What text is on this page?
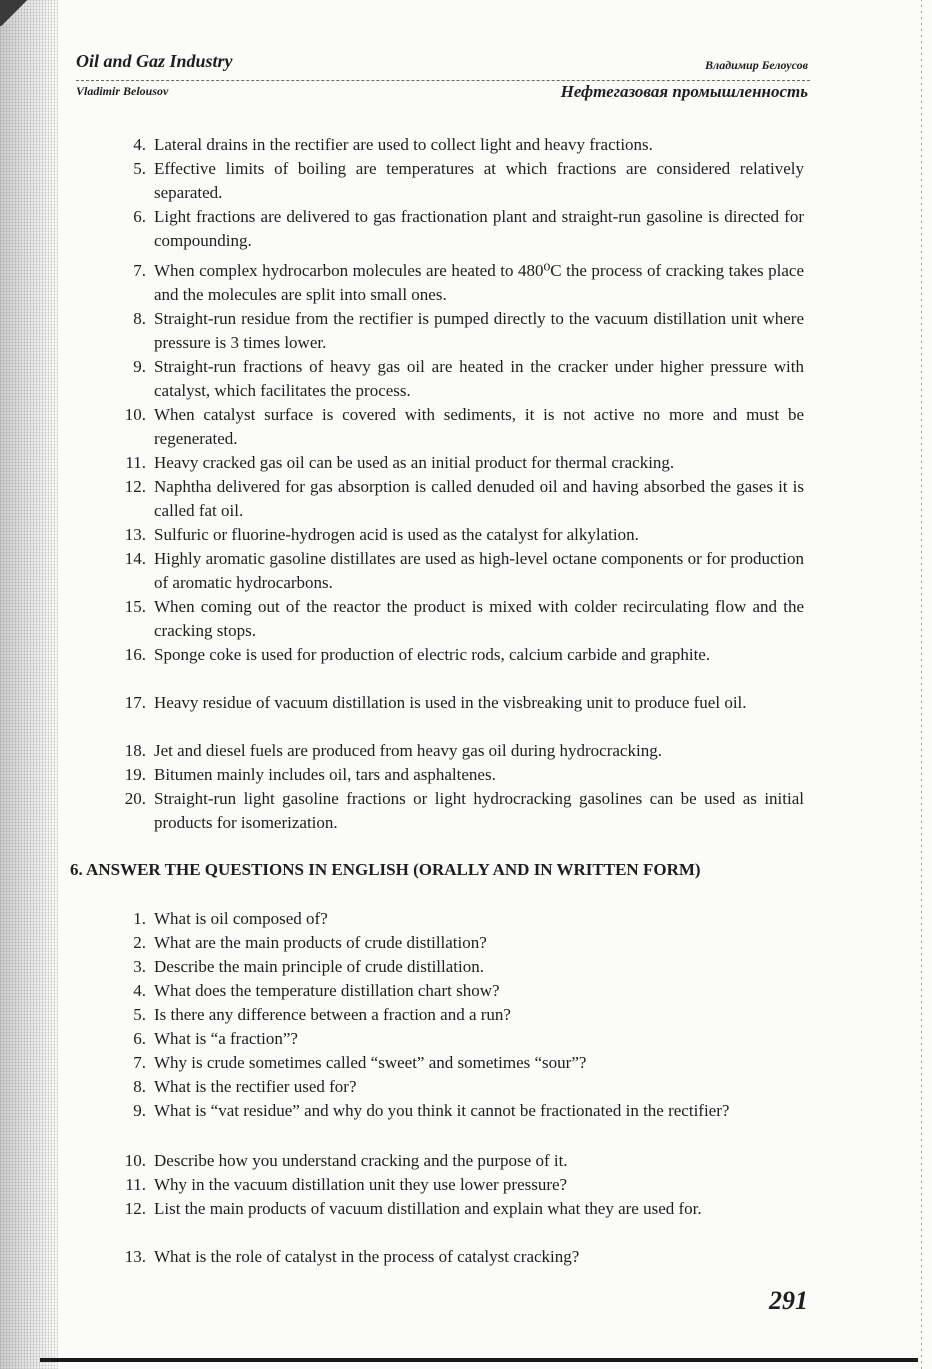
Oil and Gaz Industry	Владимир Белоусов
Vladimir Belousov	Нефтегазовая промышленность
4. Lateral drains in the rectifier are used to collect light and heavy fractions.
5. Effective limits of boiling are temperatures at which fractions are considered relatively separated.
6. Light fractions are delivered to gas fractionation plant and straight-run gasoline is directed for compounding.
7. When complex hydrocarbon molecules are heated to 480⁰C the process of cracking takes place and the molecules are split into small ones.
8. Straight-run residue from the rectifier is pumped directly to the vacuum distillation unit where pressure is 3 times lower.
9. Straight-run fractions of heavy gas oil are heated in the cracker under higher pressure with catalyst, which facilitates the process.
10. When catalyst surface is covered with sediments, it is not active no more and must be regenerated.
11. Heavy cracked gas oil can be used as an initial product for thermal cracking.
12. Naphtha delivered for gas absorption is called denuded oil and having absorbed the gases it is called fat oil.
13. Sulfuric or fluorine-hydrogen acid is used as the catalyst for alkylation.
14. Highly aromatic gasoline distillates are used as high-level octane components or for production of aromatic hydrocarbons.
15. When coming out of the reactor the product is mixed with colder recirculating flow and the cracking stops.
16. Sponge coke is used for production of electric rods, calcium carbide and graphite.
17. Heavy residue of vacuum distillation is used in the visbreaking unit to produce fuel oil.
18. Jet and diesel fuels are produced from heavy gas oil during hydrocracking.
19. Bitumen mainly includes oil, tars and asphaltenes.
20. Straight-run light gasoline fractions or light hydrocracking gasolines can be used as initial products for isomerization.
6. ANSWER THE QUESTIONS IN ENGLISH (ORALLY AND IN WRITTEN FORM)
1. What is oil composed of?
2. What are the main products of crude distillation?
3. Describe the main principle of crude distillation.
4. What does the temperature distillation chart show?
5. Is there any difference between a fraction and a run?
6. What is “a fraction”?
7. Why is crude sometimes called “sweet” and sometimes “sour”?
8. What is the rectifier used for?
9. What is “vat residue” and why do you think it cannot be fractionated in the rectifier?
10. Describe how you understand cracking and the purpose of it.
11. Why in the vacuum distillation unit they use lower pressure?
12. List the main products of vacuum distillation and explain what they are used for.
13. What is the role of catalyst in the process of catalyst cracking?
291
